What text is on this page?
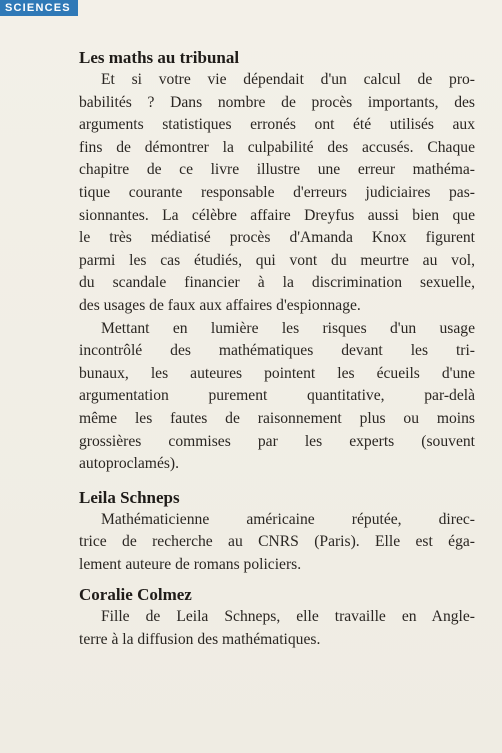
SCIENCES
Les maths au tribunal

Et si votre vie dépendait d'un calcul de pro-
babilités ? Dans nombre de procès importants, des
arguments statistiques erronés ont été utilisés aux
fins de démontrer la culpabilité des accusés. Chaque
chapitre de ce livre illustre une erreur mathéma-
tique courante responsable d'erreurs judiciaires pas-
sionnantes. La célèbre affaire Dreyfus aussi bien que
le très médiatisé procès d'Amanda Knox figurent
parmi les cas étudiés, qui vont du meurtre au vol,
du scandale financier à la discrimination sexuelle,
des usages de faux aux affaires d'espionnage.

Mettant en lumière les risques d'un usage
incontrôlé des mathématiques devant les tri-
bunaux, les auteures pointent les écueils d'une
argumentation purement quantitative, par-delà
même les fautes de raisonnement plus ou moins
grossières commises par les experts (souvent
autoproclamés).

Leila Schneps

Mathématicienne américaine réputée, direc-
trice de recherche au CNRS (Paris). Elle est éga-
lement auteure de romans policiers.

Coralie Colmez

Fille de Leila Schneps, elle travaille en Angle-
terre à la diffusion des mathématiques.
